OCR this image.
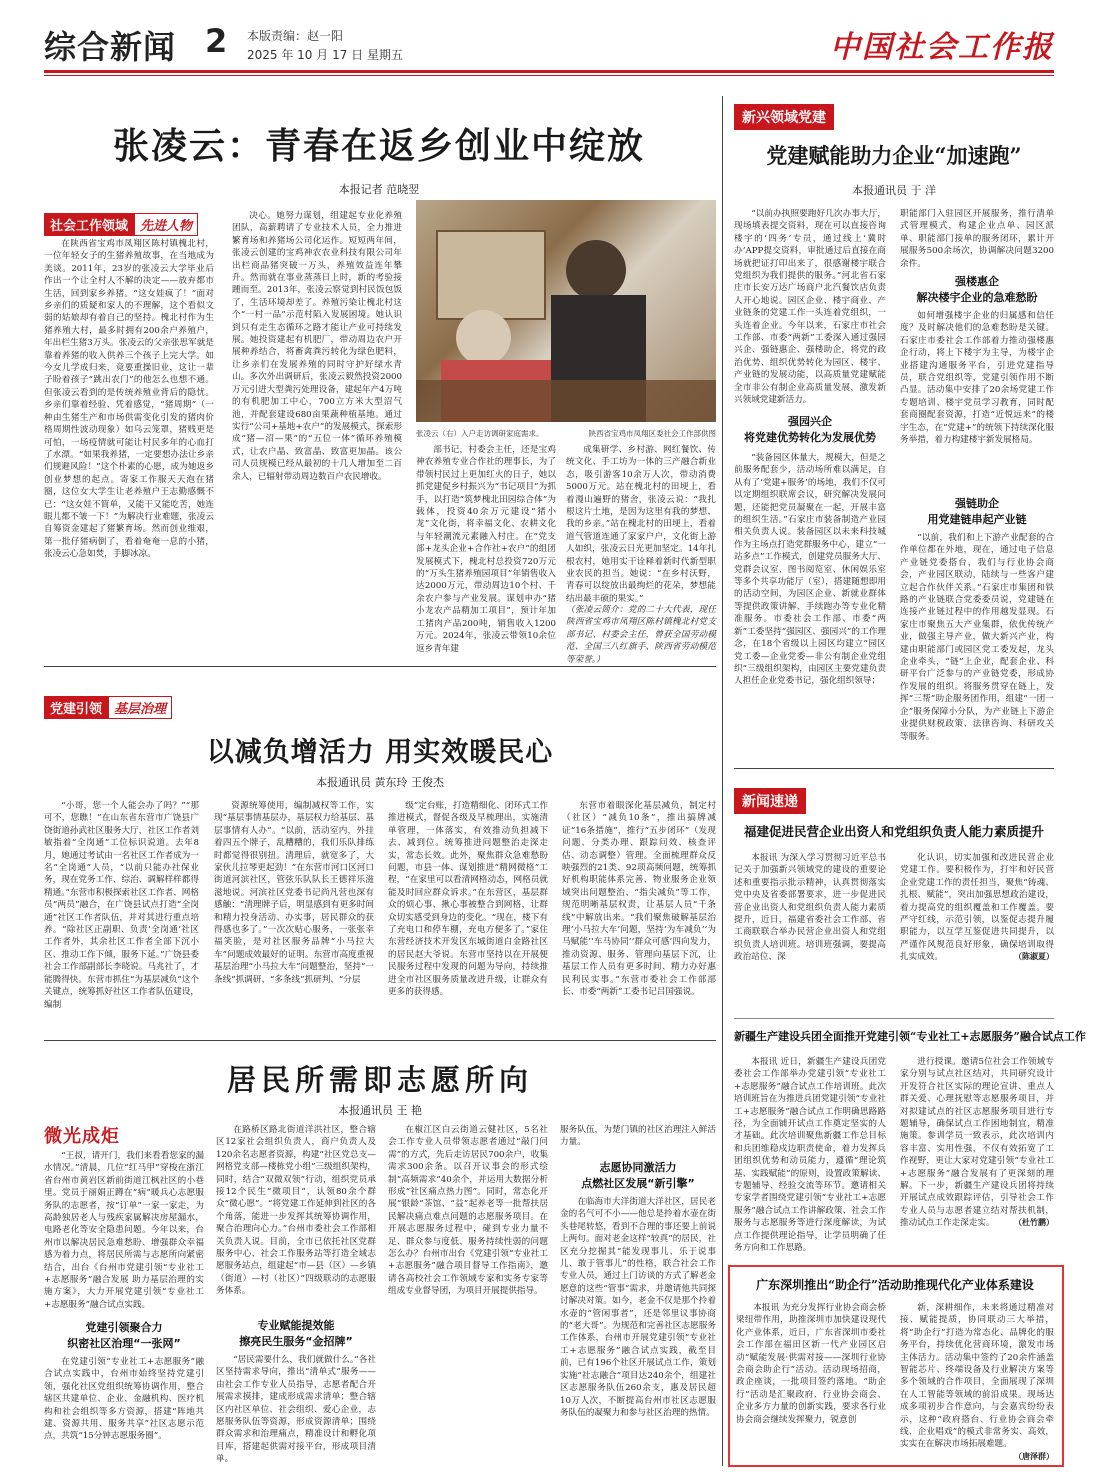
综合新闻 2 本版责编：赵一阳
2025 年 10 月 17 日 星期五	中国社会工作报
张凌云：青春在返乡创业中绽放
本报记者 范晓翌
社会工作领域 先进人物

在陕西省宝鸡市凤翔区陈村镇槐北村，一位年轻女子的生猪养殖故事，在当地成为美谈。2011年，23岁的张凌云大学毕业后作出一个让全村人不解的决定——放弃都市生活，回到家乡养猪。“这女娃疯了！”面对乡亲们的质疑和家人的不理解，这个看似文弱的姑娘却有着自己的坚持。槐北村作为生猪养殖大村，最多时拥有200余户养殖户，年出栏生猪3万头。张凌云的父亲张思军就是靠着养猪的收入供养三个孩子上完大学。如今女儿学成归来，竟要重操旧业，这让一辈子盼着孩子“跳出农门”的他怎么也想不通。但张凌云看到的是传统养殖业背后的隐忧。乡亲们靠着经验、凭着感觉，“猪周期”（一种由生猪生产和市场供需变化引发的猪肉价格周期性波动现象）如乌云笼罩，猪贱更是可怕，一场疫情就可能让村民多年的心血打了水漂。“如果我养猪，一定要想办法让乡亲们规避风险！”这个朴素的心愿，成为她返乡创业梦想的起点。寄家工作服天天泡在猪圈，这位女大学生让老养殖户王志勤感慨不已：“这女娃不简单，又能干又能吃苦，她连眼儿都不皱一下！”为解决行业难题，张凌云自筹资金建起了猪繁育场。然而创业维艰，第一批仔猪病倒了，看着奄奄一息的小猪，张凌云心急如焚，手脚冰凉。

决心。她努力谋划，组建起专业化养殖团队，高薪聘请了专业技术人员，全力推进繁育场和养猪场公司化运作。短短两年间，张凌云创建的宝鸡神农农业科技有限公司年出栏商品猪突破一万头，养殖效益连年攀升。然而就在事业蒸蒸日上时，新的考验接踵而至。2013年，张凌云察觉到村民饭包饭了，生活环境却差了。养殖污染让槐北村这个“一村一品”示范村陷入发展困境。她认识到只有走生态循环之路才能让产业可持续发展。她投资建起有机肥厂，带动周边农户开展种养结合，将畜禽粪污转化为绿色肥料，让乡亲们在发展养殖的同时守护好绿水青山。多次外出调研后，张凌云毅然投资2000万元引进大型粪污处理设备，建起年产4万吨的有机肥加工中心，700立方米大型沼气池，并配套建设680亩果蔬种植基地。通过实行“公司+基地+农户”的发展模式，探索形成“猪—沼—果”的“五位一体”循环养殖模式，让农户晶、致富晶、致富更加晶。该公司人员规模已经从最初的十几人增加至二百余人，已辐射带动周边数百户农民增收。

张凌云（右）入户走访调研家庭需求。	陕西省宝鸡市凤翔区委社会工作部供图

部书记，村委会主任，还是宝鸡神农养殖专业合作社的理事长，为了带领村民过上更加红火的日子，她以抓党建促乡村振兴为“书记项目”为抓手，以打造“筑梦槐北田园综合体”为载体，投资40余万元建设“猪小龙”文化街，将幸福文化、农耕文化与年轻潮流元素融入村庄。在“党支部+龙头企业+合作社+农户”的组团发展模式下，槐北村总投资720万元的“万头生猪养殖园项目”年销售收入达2000万元，带动周边10个村、千余农户参与产业发展。谋划申办“猪小龙农产品精加工项目”，预计年加工猪肉产品200吨，销售收入1200万元。2024年，张凌云带领10余位返乡青年建

成集研学、乡村游、网红餐饮、传统文化、手工坊为一体的三产融合新业态，吸引游客10余万人次，带动消费5000万元。站在槐北村的田埂上，看着漫山遍野的猪舍，张凌云说：“我扎根这片土地，是因为这里有我的梦想、我的乡亲。”站在槐北村的田埂上，看着道气管道连通了家家户户，文化街上游人如织，张凌云日光更加坚定。14年扎根农村，她用实干诠释着新时代新型职业农民的担当。她说：“在乡村沃野，青春可以绽放出最绚烂的花朵，梦想能结出最丰硕的果实。”

（张凌云简介：党的二十大代表，现任陕西省宝鸡市凤翔区陈村镇槐北村党支部书记、村委会主任，曾获全国劳动模范、全国三八红旗手、陕西省劳动模范等荣誉。）
党建引领 基层治理
以减负增活力 用实效暖民心
本报通讯员 黄东玲 王俊杰

“小哥，您一个人能会办了吗？”“那可不，您瞧！”在山东省东营市广饶县广饶街道孙武社区服务大厅，社区工作者刘敏指着“全岗通”工位标识说道。去年8月，她通过考试由一名社区工作者成为一名“全岗通”人员，“以前只能办社保业务，现在党务工作、综治、调解样样都得精通。”东营市积极探索社区工作者、网格员“两员”融合，在广饶县试点打造“全岗通”社区工作者队伍，并对其进行重点培养。“除社区正副职、负责‘全岗通’社区工作者外，其余社区工作者全部下沉小区、推动工作下倾，服务下延。”广饶县委社会工作部副部长李晓说。马兆社了，才能腾得快。东营市抓住“为基层减负”这个关键点，统筹抓好社区工作者队伍建设，编制

资源统筹使用，编制减权等工作，实现“基层事情基层办，基层权力给基层、基层事情有人办”。“以前，活动室内，外挂着四五个牌子，乱糟糟的，我们乐队排练时都觉得很别扭。清理后，就宽多了，大家伙儿拉琴更起劲！”在东营市河口区河口街道河滨社区，管弦乐队队长王德祥乐滋滋地说。河滨社区党委书记尚凡营也深有感触：“清理牌子后，明显感到有更多时间和精力投身活动、办实事，居民群众的获得感也多了。”一次次贴心服务，一张张幸福笑脸，是对社区服务品牌“小马拉大车”问题成效最好的证明。东营市高度重视基层治理“小马拉大车”问题整治，坚持“一条线”抓调研、“多条线”抓研判、“分层

级”定台账，打造精细化、闭环式工作推进模式，督促各级及早梳理出，实施清单管理，一体落实，有效推动负担减下去、减到位。统筹推进问题整治走深走实，常态长效。此外，聚焦群众急难愁盼问题，市县一体、谋划推进“精网微格”工程，“在家里可以看清网格动态，网格员就能及时回应群众诉求。”在东营区，基层群众的烦心事、揪心事被整合到网格，让群众切实感受到身边的变化。“现在，楼下有了充电口和停车棚，充电方便多了。”家住东营经济技术开发区东城街道白金路社区的居民赵大爷说。东营市坚持以在开展便民服务过程中发现的问题为导向，持续推进全市社区服务质量改进升级，让群众有更多的获得感。

东营市着眼深化基层减负，制定村（社区）“减负10条”，推出搞牌减证“16条措施”，推行“五步闭环”（发现问题、分类办理、跟踪问效、核查评估、动态调整）管理。全面梳理群众反映强烈的21类、92项高频问题，统筹抓好机构职能体系完善、物业服务企业领域突出问题整治、“指尖减负”等工作，规范明晰基层权责，让基层人员“千条线”中解放出来。“我们聚焦破解基层治理‘小马拉大车’问题，坚持‘为车减负’‘为马赋能’‘车马协同’‘群众可感’四向发力，推动资源、服务、管理向基层下沉，让基层工作人员有更多时间、精力办好惠民利民实事。”东营市委社会工作部部长、市委“两新”工委书记吕国强说。

居民所需即志愿所向
本报通讯员 王 艳
微光成炬

“王叔，请开门，我们来看看您家的漏水情况。”清晨，几位“红马甲”穿梭在浙江省台州市黄岩区新前街道江枫社区的小巷里。党员于丽娟正蹲在“病”暖兵心志愿服务队的志愿者，按“订单”一家一家走，为高龄独居老人与残疾家属解决房屋漏水，电路老化等安全隐患问题。今年以来，台州市以解决居民急难愁盼、增强群众幸福感为着力点，将居民所需与志愿所向紧密结合，出台《台州市党建引领“专业社工+志愿服务”融合发展 助力基层治理的实施方案》，大力开展党建引领“专业社工+志愿服务”融合试点实践。

党建引领聚合力
织密社区治理“一张网”

在党建引领“专业社工+志愿服务”融合试点实践中，台州市始终坚持党建引领，强化社区党组织统筹协调作用，整合辖区共建单位、企业、金融机构、医疗机构和社会组织等多方资源，搭建“阵地共建、资源共用、服务共享”社区志愿示范点，共筑“15分钟志愿服务圈”。

在路桥区路北街道洋洪社区，整合辖区12家社会组织负责人，商户负责人及120余名志愿者资源，构建“社区党总支—网格党支部—楼栋党小组”三级组织架构，同时，结合“双微双领”行动，组织党员承接12个民生“微项目”，认领80余个群众“微心愿”。“将党建工作延伸到社区的各个角落，能进一步发挥其统筹协调作用，聚合治理向心力。”台州市委社会工作部相关负责人说。目前，全市已依托社区党群服务中心、社会工作服务站等打造全域志愿服务站点，组建起“市—县（区）—乡镇（街道）—村（社区）”四级联动的志愿服务体系。

专业赋能提效能
擦亮民生服务“金招牌”

“居民需要什么，我们就做什么。”各社区坚持需求导向，推出“清单式”服务——由社会工作专业人员指导，志愿者配合开展需求摸排，建成形成需求清单；整合辖区内社区单位、社会组织、爱心企业，志愿服务队伍等资源，形成资源清单；围绕群众需求和治理痛点，精准设计和孵化项目库，搭建起供需对接平台，形成项目清单。

在椒江区白云街道云健社区，5名社会工作专业人员带领志愿者通过“敲门问需”的方式，先后走访居民700余户，收集需求300余条。以召开议事会的形式绘制“高频需求”40余个，并运用大数据分析形成“社区痛点热力图”。同时，常态化开展“银龄”茶馆、“益”起养老等一批帮扶居民解决痛点难点问题的志愿服务项目。在开展志愿服务过程中，碰到专业力量不足、群众参与度低、服务持续性弱的问题怎么办？台州市出台《党建引领“专业社工+志愿服务”融合项目督导工作指南》，邀请各高校社会工作领域专家和实务专家等组成专业督导团，为项目开展提供指导。

服务队伍，为楚门镇的社区治理注入鲜活力量。
志愿协同激活力
点燃社区发展“新引擎”

在临海市大洋街道大洋社区，居民老金的名气可不小——他总是拎着水壶在街头巷尾转悠，看到不合理的事还要上前说上两句。面对老金这样“较真”的居民，社区充分挖掘其“能发现事儿、乐于说事儿、敢于管事儿”的性格，联合社会工作专业人员，通过上门访谈的方式了解老金愿意的这些“管事”需求，并邀请他共同探讨解决对策。如今，老金不仅是那个拎着水壶的“管闲事者”，还是邻里议事协商的“老大哥”。为规范和完善社区志愿服务工作体系，台州市开展党建引领“专业社工+志愿服务”融合试点实践，截至目前，已有196个社区开展试点工作，策划实施“社志融合”项目达240余个，组建社区志愿服务队伍260余支，惠及居民超10万人次，不断提高台州市社区志愿服务队伍的凝聚力和参与社区治理的热情。

新兴领域党建
党建赋能助力企业“加速跑”
本报通讯员 于 洋

“以前办执照要跑好几次办事大厅，现场填表提交资料，现在可以直接咨询楼宇的‘四务’专员，通过线上‘冀时办’APP提交资料，审批通过后直接在商场就把证打印出来了，很感谢楼宇联合党组织为我们提供的服务。”河北省石家庄市长安万达广场商户北汽餐饮店负责人开心地说。园区企业、楼宇商业、产业链条的党建工作一头连着党组织，一头连着企业。今年以来，石家庄市社会工作部、市委“两新”工委深入通过强园兴企、强链惠企、强楼助企，将党的政治优势、组织优势转化为园区、楼宇、产业链的发展动能，以高质量党建赋能全市非公有制企业高质量发展，激发新兴领域党建新活力。

强园兴企
将党建优势转化为发展优势

“装备园区体量大，规模大，但是之前服务配套少，活动场所难以满足，自从有了‘党建+服务’的场地，我们不仅可以定期组织联席会议，研究解决发展问题，还能把党员凝聚在一起，开展丰富的组织生活。”石家庄市装备制造产业园相关负责人说。装备园区以未来科技城作为主场点打造党群服务中心，建立“一站多点”工作模式，创建党员服务大厅、党群会议室、图书阅览室、休闲娱乐室等多个共享功能厅（室），搭建随想即用的活动空间，为园区企业、新就业群体等提供政策讲解、手续跑办等专业化精准服务。市委社会工作部、市委“两新”工委坚持“强园区、强园兴”的工作理念，在18个省级以上园区均建立“园区党工委—企业党委—非公有制企业党组织”三级组织架构，由园区主要党建负责人担任企业党委书记，强化组织领导；

职能部门入驻园区开展服务，推行清单式管理模式，构建企业点单、园区派单、职能部门接单的服务闭环，累计开展服务500余场次，协调解决问题3200余件。
强楼惠企
解决楼宇企业的急难愁盼

如何增强楼宇企业的归属感和信任度？及时解决他们的急难愁盼是关键。石家庄市委社会工作部着力推动强楼惠企行动，将上下楼宇为主导，为楼宇企业搭建沟通服务平台，引进党建指导员，联合党组织等，党建引领作用不断凸显。活动集中安排了20余场党建工作专题培训、楼宇党员学习教育，同时配套商圈配套资源，打造“近悦远来”的楼宇生态，在“党建+”的统领下持续深化服务举措，着力构建楼宇新发展格局。

强链助企
用党建链串起产业链

“以前，我们和上下游产业配套的合作单位都在外地，现在，通过电子信息产业链党委搭台，我们与行业协会商会，产业园区联动，陆续与一些客户建立起合作伙伴关系。”石家庄市集团和铁路的产业链联合党委委员说，党建链在连接产业链过程中的作用越发显现。石家庄市聚焦五大产业集群，依优传统产业，做强主导产业，做大新兴产业，构建由职能部门或园区党工委发起，龙头企业牵头，“链”上企业，配套企业、科研平台广泛参与的产业链党委，形成协作发展的组织。将服务贯穿在链上，发挥“三帮”助企服务团作用，组建“一团一企”服务保障小分队，为产业链上下游企业提供财税政策、法律咨询、科研攻关等服务。

新闻速递
福建促进民营企业出资人和党组织负责人能力素质提升

本报讯 为深入学习贯彻习近平总书记关于加强新兴领域党的建设的重要论述和重要指示批示精神，认真贯彻落实党中央及省委部署要求，进一步促进民营企业出资人和党组织负责人能力素质提升，近日，福建省委社会工作部、省工商联联合举办民营企业出资人和党组织负责人培训班。培训班强调，要提高政治站位、深

化认识，切实加强和改进民营企业党建工作。要积极作为，打牢和好民营企业党建工作的责任担当，聚焦“铸魂、扎根、赋能”，突出加强思想政治建设，着力提高党的组织覆盖和工作覆盖。要严守红线，示范引领，以鉴促志提升履职能力，以互学互鉴促进共同提升，以严谨作风规范良好形象，确保培训取得扎实成效。	（陈淑夏）

新疆生产建设兵团全面推开党建引领“专业社工+志愿服务”融合试点工作

本报讯 近日，新疆生产建设兵团党委社会工作部举办党建引领“专业社工+志愿服务”融合试点工作培训班。此次培训班旨在为推进兵团党建引领“专业社工+志愿服务”融合试点工作明确思路路径，为全面铺开试点工作奠定坚实的人才基础。此次培训聚焦新疆工作总目标和兵团维稳戍边职责使命，着力发挥兵团组织优势和动员能力，遵循“理论筑基、实践赋能”的原则，设置政策解读、专题辅导、经验交流等环节。邀请相关专家学者围绕党建引领“专业社工+志愿服务”融合试点工作讲解政策、社会工作服务与志愿服务等进行深度解读，为试点工作提供理论指导，让学员明确了任务方向和工作思路。

进行授课。邀请5位社会工作领域专家分别与试点社区结对，共同研究设计开发符合社区实际的理论宣讲、重点人群关爱、心理抚慰等志愿服务项目，并对拟建试点的社区志愿服务项目进行专题辅导，确保试点工作困地制宜，精准施策。参训学员一致表示，此次培训内容丰富、实用性强，不仅有效拓宽了工作视野，更让大家对党建引领“专业社工+志愿服务”融合发展有了更深刻的理解。下一步，新疆生产建设兵团将持续开展试点成效跟踪评估，引导社会工作专业人员与志愿者建立结对帮扶机制，推动试点工作走深走实。	（杜竹鹏）

广东深圳推出“助企行”活动助推现代化产业体系建设

本报讯 为充分发挥行业协会商会桥梁纽带作用，助推深圳市加快建设现代化产业体系，近日，广东省深圳市委社会工作部在福田区新一代产业园区启动“赋能发展·供需对接——深圳行业协会商会助企行”活动。活动现场招商，政企座谈，一批项目签约落地。“助企行”活动是汇聚政府、行业协会商会、企业多方力量的创新实践，要求各行业协会商会继续发挥聚力，锐意创

新，深耕细作，未来将通过精准对接、赋能提质，协同联动三大举措，将“助企行”打造为常态化、品牌化的服务平台，持续优化营商环境，激发市场主体活力。活动集中签约了20余件涵盖智能芯片、终端设备及行业解决方案等多个领域的合作项目，全面展现了深圳在人工智能等领域的前沿成果。现场达成多项初步合作意向，与会嘉宾纷纷表示，这种“政府搭台、行业协会商会牵线、企业唱戏”的模式非常务实、高效，实实在在解决市场拓展难题。
（唐泽群）
